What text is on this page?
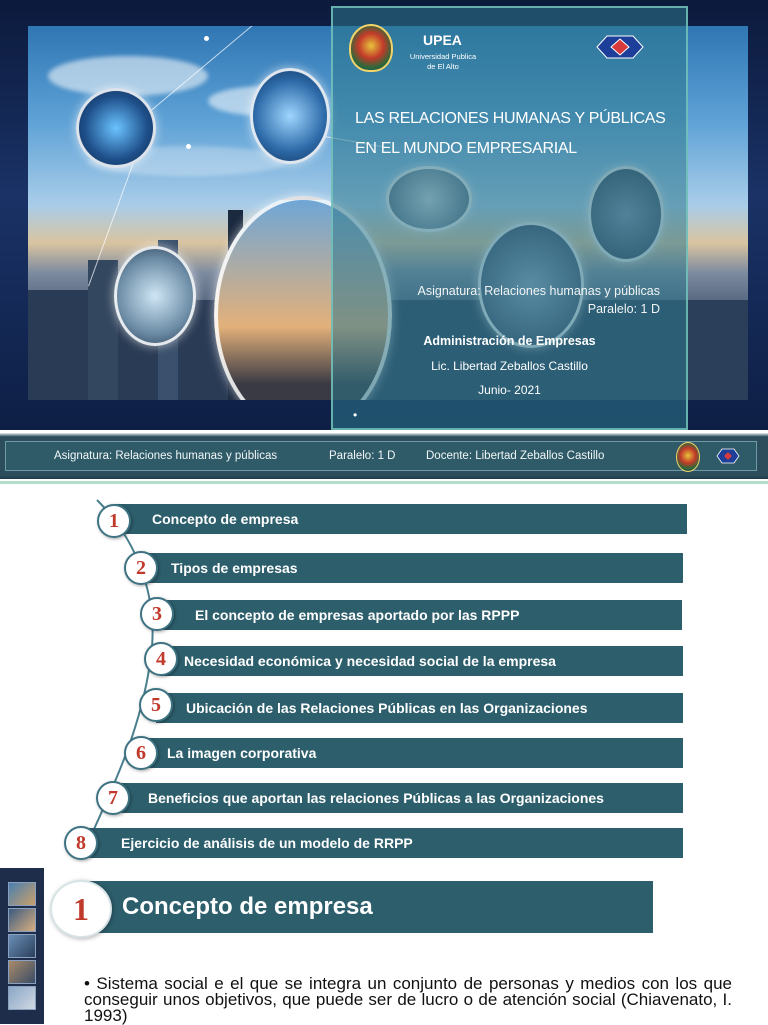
UPEA
Universidad Publica
de El Alto
LAS RELACIONES HUMANAS Y PÚBLICAS
EN EL MUNDO EMPRESARIAL
Asignatura: Relaciones humanas y públicas
Paralelo: 1 D
Administración de Empresas
Lic. Libertad Zeballos Castillo
Junio- 2021
•
Asignatura: Relaciones humanas y públicas	Paralelo: 1 D	Docente: Libertad Zeballos Castillo
Concepto de empresa
1
Tipos de empresas
2
El concepto de empresas aportado por las RPPP
3
Necesidad económica y necesidad social de la empresa
4
Ubicación de las Relaciones Públicas en las Organizaciones
5
La imagen corporativa
6
Beneficios que aportan las relaciones Públicas a las Organizaciones
7
Ejercicio de análisis de un modelo de RRPP
8
Concepto de empresa
1
• Sistema social e el que se integra un conjunto de personas y medios con los que conseguir unos objetivos, que puede ser de lucro o de atención social (Chiavenato, I. 1993)
